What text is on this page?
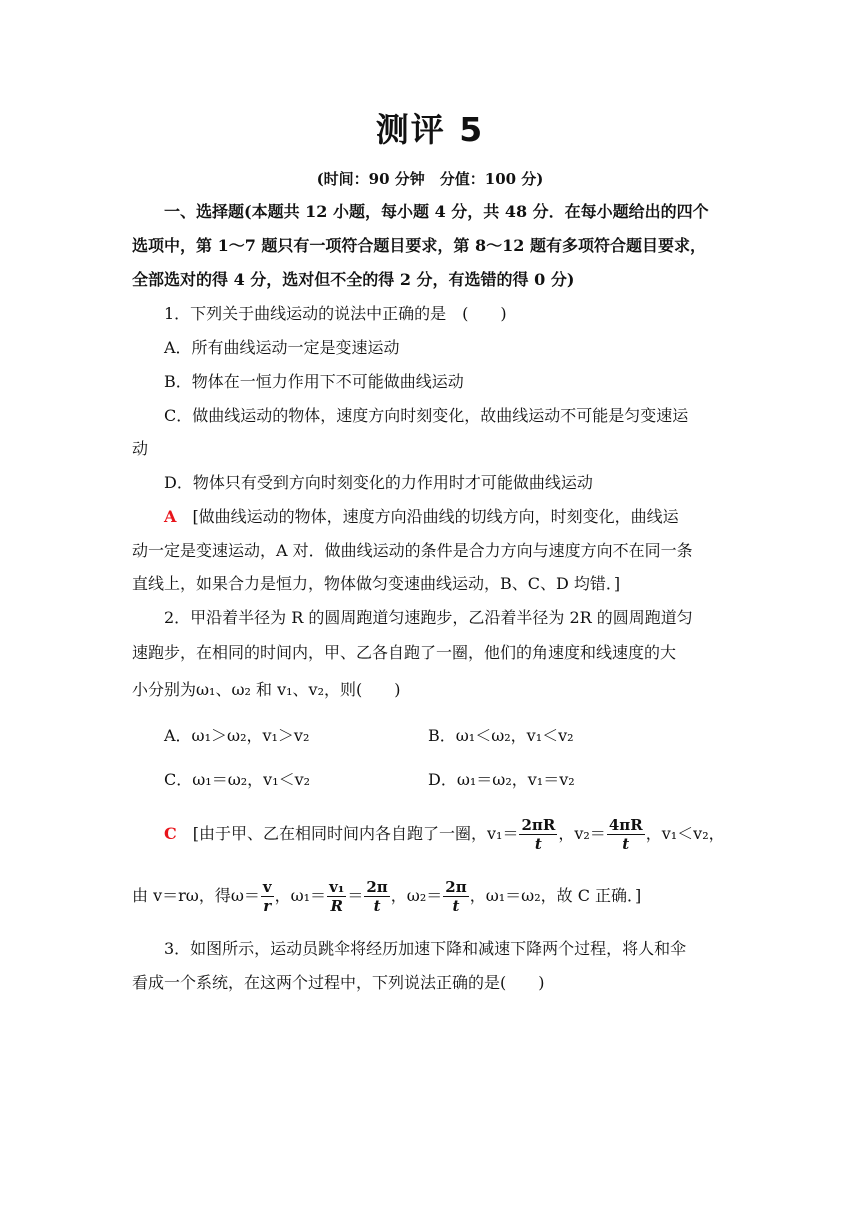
测评 5
(时间：90 分钟　分值：100 分)
一、选择题(本题共 12 小题，每小题 4 分，共 48 分．在每小题给出的四个
选项中，第 1～7 题只有一项符合题目要求，第 8～12 题有多项符合题目要求，
全部选对的得 4 分，选对但不全的得 2 分，有选错的得 0 分)
1．下列关于曲线运动的说法中正确的是　(　　)
A．所有曲线运动一定是变速运动
B．物体在一恒力作用下不可能做曲线运动
C．做曲线运动的物体，速度方向时刻变化，故曲线运动不可能是匀变速运
动
D．物体只有受到方向时刻变化的力作用时才可能做曲线运动
A　 [做曲线运动的物体，速度方向沿曲线的切线方向，时刻变化，曲线运
动一定是变速运动，A 对．做曲线运动的条件是合力方向与速度方向不在同一条
直线上，如果合力是恒力，物体做匀变速曲线运动，B、C、D 均错．]
2．甲沿着半径为 R 的圆周跑道匀速跑步，乙沿着半径为 2R 的圆周跑道匀
速跑步，在相同的时间内，甲、乙各自跑了一圈，他们的角速度和线速度的大
小分别为ω₁、ω₂ 和 v₁、v₂，则(　　)
A．ω₁＞ω₂，v₁＞v₂	B．ω₁＜ω₂，v₁＜v₂
C．ω₁＝ω₂，v₁＜v₂	D．ω₁＝ω₂，v₁＝v₂
C　 [由于甲、乙在相同时间内各自跑了一圈，$v_1= \frac{2\pi R}{t}$ ，$v_2= \frac{4\pi R}{t}$ ，v₁＜v₂，
由 v＝rω，得$\omega= \frac{v}{r}$ ，$\omega_1= \frac{\text{v₁}}{R} = \frac{2\pi}{t}$ ，$\omega_2= \frac{2\pi}{t}$ ，ω₁＝ω₂，故 C 正确．]
3．如图所示，运动员跳伞将经历加速下降和减速下降两个过程，将人和伞
看成一个系统，在这两个过程中，下列说法正确的是(　　)
